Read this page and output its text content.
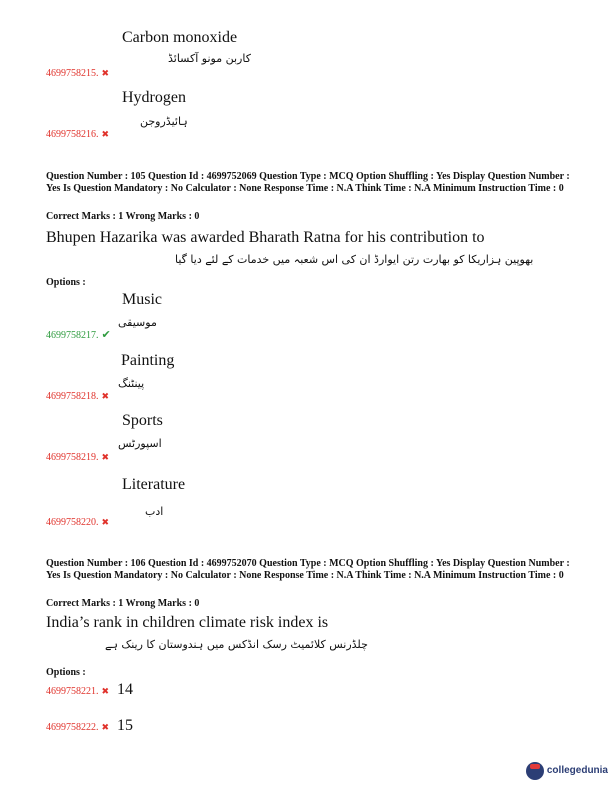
Carbon monoxide
کاربن مونو آکسائڈ
4699758215. ✖
Hydrogen
ہائیڈروجن
4699758216. ✖
Question Number : 105 Question Id : 4699752069 Question Type : MCQ Option Shuffling : Yes Display Question Number : Yes Is Question Mandatory : No Calculator : None Response Time : N.A Think Time : N.A Minimum Instruction Time : 0
Correct Marks : 1 Wrong Marks : 0
Bhupen Hazarika was awarded Bharath Ratna for his contribution to
بھوپین ہزاریکا کو بھارت رتن ایوارڈ ان کی اس شعبہ میں خدمات کے لئے دیا گیا
Options :
Music
موسیقی
4699758217. ✔
Painting
پینٹنگ
4699758218. ✖
Sports
اسپورٹس
4699758219. ✖
Literature
ادب
4699758220. ✖
Question Number : 106 Question Id : 4699752070 Question Type : MCQ Option Shuffling : Yes Display Question Number : Yes Is Question Mandatory : No Calculator : None Response Time : N.A Think Time : N.A Minimum Instruction Time : 0
Correct Marks : 1 Wrong Marks : 0
India’s rank in children climate risk index is
چلڈرنس کلائمیٹ رسک انڈکس میں ہندوستان کا رینک ہے
Options :
4699758221. ✖ 14
4699758222. ✖ 15
collegedunia
